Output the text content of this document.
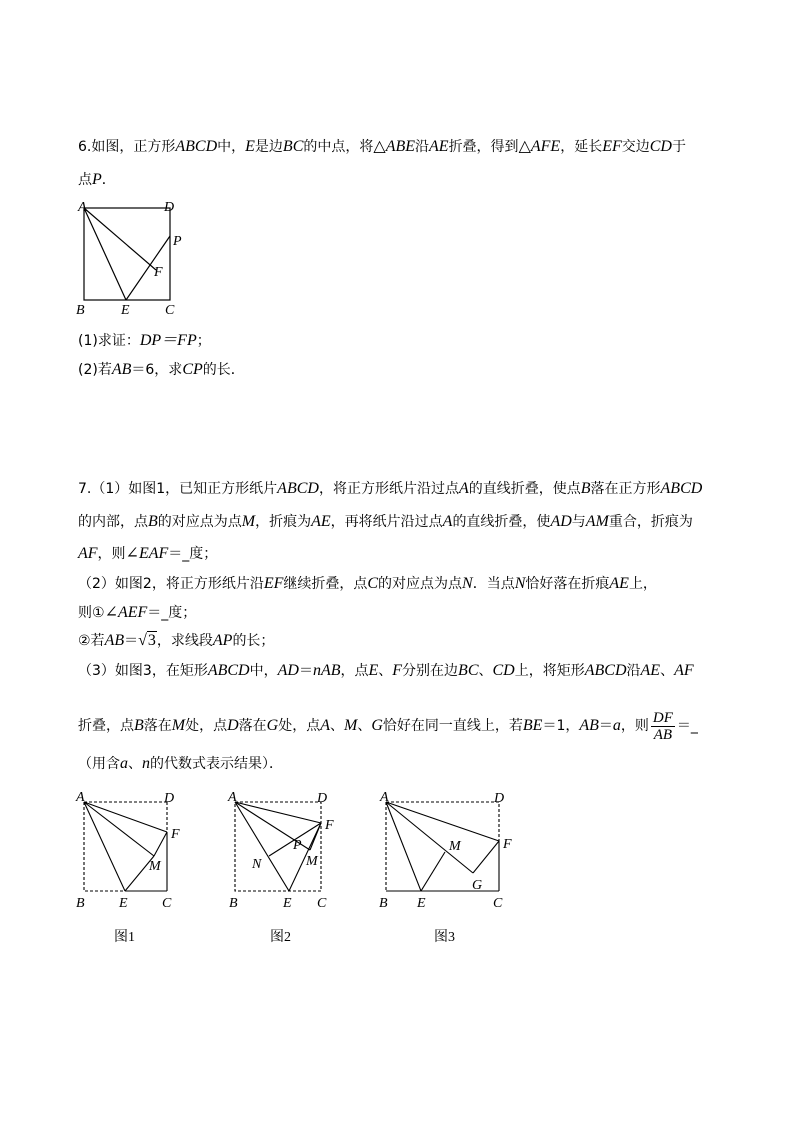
6.如图，正方形ABCD中，E是边BC的中点，将△ABE沿AE折叠，得到△AFE，延长EF交边CD于
点P．
A	D
P
F
B	E	C
(1)求证：DP＝FP；
(2)若AB＝6，求CP的长．
7.（1）如图1，已知正方形纸片ABCD，将正方形纸片沿过点A的直线折叠，使点B落在正方形ABCD
的内部，点B的对应点为点M，折痕为AE，再将纸片沿过点A的直线折叠，使AD与AM重合，折痕为
AF，则∠EAF＝_度；
（2）如图2，将正方形纸片沿EF继续折叠，点C的对应点为点N．当点N恰好落在折痕AE上，
则①∠AEF＝_度；
②若AB＝√3，求线段AP的长；
（3）如图3，在矩形ABCD中，AD＝nAB，点E、F分别在边BC、CD上，将矩形ABCD沿AE、AF
折叠，点B落在M处，点D落在G处，点A、M、G恰好在同一直线上，若BE＝1，AB＝a，则 $\frac{DF}{AB}$ ＝_
（用含a、n的代数式表示结果）．
A	D
F
M
B E C
图1
A	D
F
P
M
N
B	E C
图2
A	D
F
M
G
B E	C
图3
